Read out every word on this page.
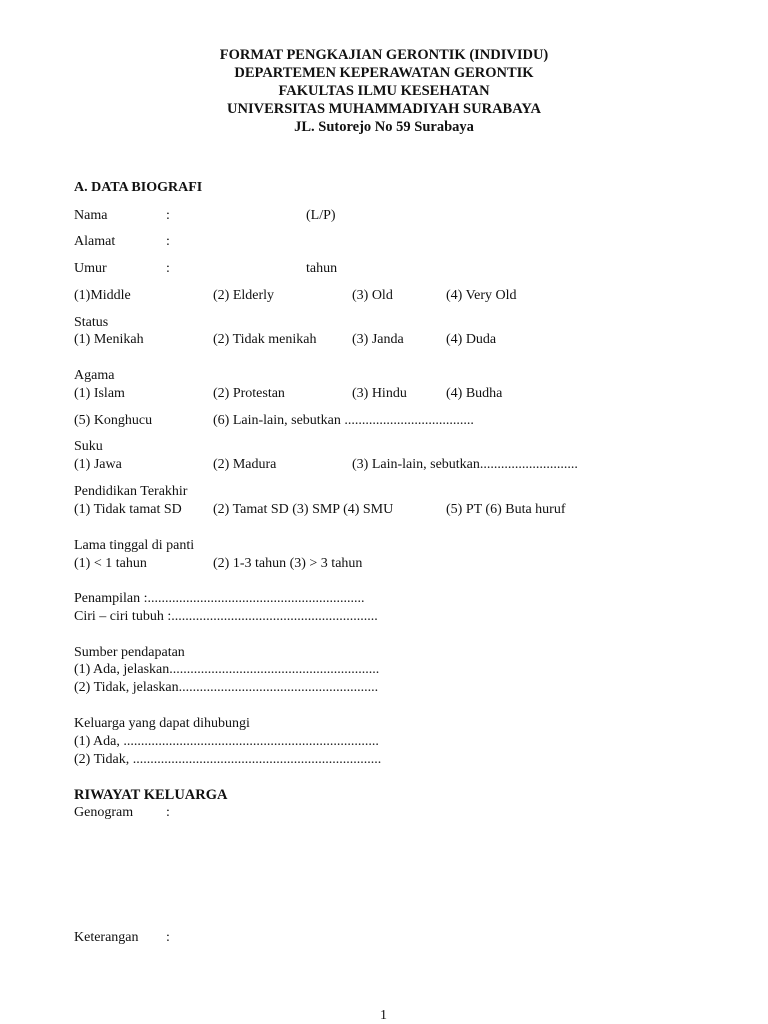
FORMAT PENGKAJIAN GERONTIK (INDIVIDU)
DEPARTEMEN KEPERAWATAN GERONTIK
FAKULTAS ILMU KESEHATAN
UNIVERSITAS MUHAMMADIYAH SURABAYA
JL. Sutorejo No 59 Surabaya
A. DATA BIOGRAFI
Nama	:	(L/P)
Alamat	:
Umur	:	tahun
(1)Middle	(2) Elderly	(3) Old	(4) Very Old
Status
(1) Menikah	(2) Tidak menikah	(3) Janda	(4) Duda
Agama
(1) Islam	(2) Protestan	(3) Hindu	(4) Budha
(5) Konghucu	(6) Lain-lain, sebutkan .....................................
Suku
(1) Jawa	(2) Madura	(3) Lain-lain, sebutkan............................
Pendidikan Terakhir
(1) Tidak tamat SD (2) Tamat SD (3) SMP (4) SMU	(5) PT (6) Buta huruf
Lama tinggal di panti
(1) < 1 tahun	(2) 1-3 tahun (3) > 3 tahun
Penampilan :..............................................................
Ciri – ciri tubuh :...........................................................
Sumber pendapatan
(1) Ada, jelaskan............................................................
(2) Tidak, jelaskan.........................................................
Keluarga yang dapat dihubungi
(1) Ada, .........................................................................
(2) Tidak, .......................................................................
RIWAYAT KELUARGA
Genogram :
Keterangan :
1
